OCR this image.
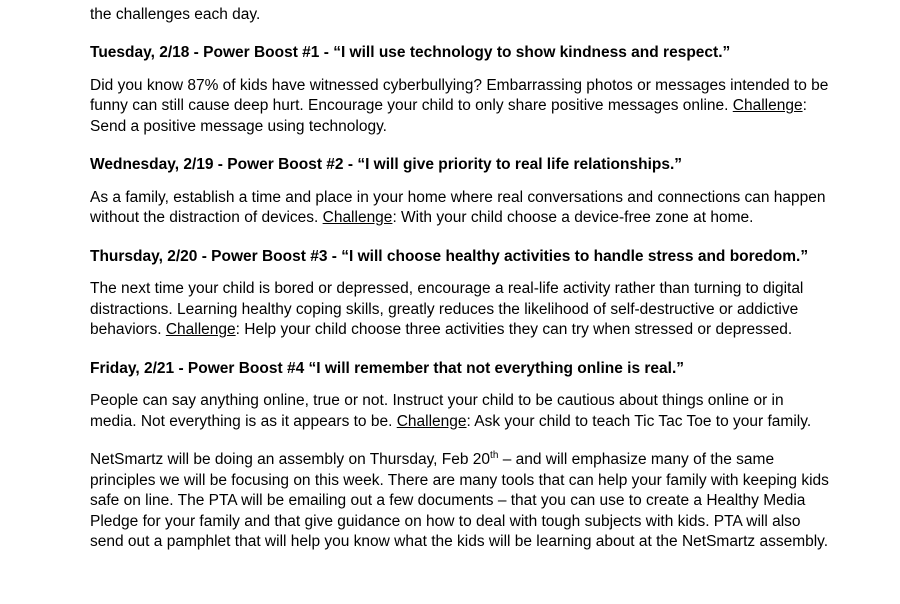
the challenges each day.

Tuesday, 2/18 - Power Boost #1 - “I will use technology to show kindness and respect.”

Did you know 87% of kids have witnessed cyberbullying? Embarrassing photos or messages intended to be funny can still cause deep hurt. Encourage your child to only share positive messages online. Challenge: Send a positive message using technology.

Wednesday, 2/19 - Power Boost #2 - “I will give priority to real life relationships.”

As a family, establish a time and place in your home where real conversations and connections can happen without the distraction of devices. Challenge: With your child choose a device-free zone at home.

Thursday, 2/20 - Power Boost #3 - “I will choose healthy activities to handle stress and boredom.”

The next time your child is bored or depressed, encourage a real-life activity rather than turning to digital distractions. Learning healthy coping skills, greatly reduces the likelihood of self-destructive or addictive behaviors. Challenge: Help your child choose three activities they can try when stressed or depressed.

Friday, 2/21 - Power Boost #4 “I will remember that not everything online is real.”

People can say anything online, true or not. Instruct your child to be cautious about things online or in media. Not everything is as it appears to be. Challenge: Ask your child to teach Tic Tac Toe to your family.

NetSmartz will be doing an assembly on Thursday, Feb 20th – and will emphasize many of the same principles we will be focusing on this week. There are many tools that can help your family with keeping kids safe on line. The PTA will be emailing out a few documents – that you can use to create a Healthy Media Pledge for your family and that give guidance on how to deal with tough subjects with kids. PTA will also send out a pamphlet that will help you know what the kids will be learning about at the NetSmartz assembly.
